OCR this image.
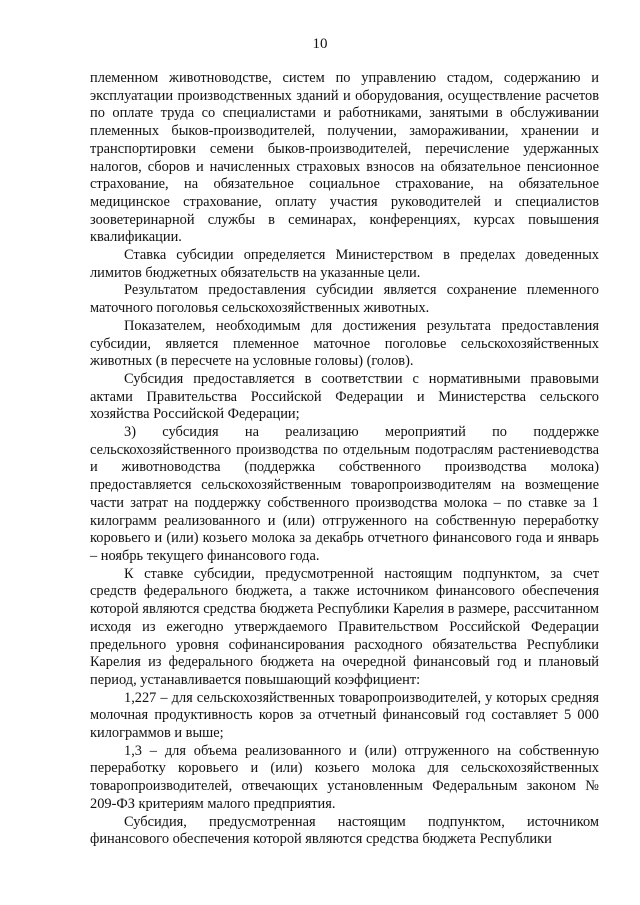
10

племенном животноводстве, систем по управлению стадом, содержанию и эксплуатации производственных зданий и оборудования, осуществление расчетов по оплате труда со специалистами и работниками, занятыми в обслуживании племенных быков-производителей, получении, замораживании, хранении и транспортировки семени быков-производителей, перечисление удержанных налогов, сборов и начисленных страховых взносов на обязательное пенсионное страхование, на обязательное социальное страхование, на обязательное медицинское страхование, оплату участия руководителей и специалистов зооветеринарной службы в семинарах, конференциях, курсах повышения квалификации.

Ставка субсидии определяется Министерством в пределах доведенных лимитов бюджетных обязательств на указанные цели.

Результатом предоставления субсидии является сохранение племенного маточного поголовья сельскохозяйственных животных.

Показателем, необходимым для достижения результата предоставления субсидии, является племенное маточное поголовье сельскохозяйственных животных (в пересчете на условные головы) (голов).

Субсидия предоставляется в соответствии с нормативными правовыми актами Правительства Российской Федерации и Министерства сельского хозяйства Российской Федерации;

3) субсидия на реализацию мероприятий по поддержке сельскохозяйственного производства по отдельным подотраслям растениеводства и животноводства (поддержка собственного производства молока) предоставляется сельскохозяйственным товаропроизводителям на возмещение части затрат на поддержку собственного производства молока – по ставке за 1 килограмм реализованного и (или) отгруженного на собственную переработку коровьего и (или) козьего молока за декабрь отчетного финансового года и январь – ноябрь текущего финансового года.

К ставке субсидии, предусмотренной настоящим подпунктом, за счет средств федерального бюджета, а также источником финансового обеспечения которой являются средства бюджета Республики Карелия в размере, рассчитанном исходя из ежегодно утверждаемого Правительством Российской Федерации предельного уровня софинансирования расходного обязательства Республики Карелия из федерального бюджета на очередной финансовый год и плановый период, устанавливается повышающий коэффициент:

1,227 – для сельскохозяйственных товаропроизводителей, у которых средняя молочная продуктивность коров за отчетный финансовый год составляет 5 000 килограммов и выше;

1,3 – для объема реализованного и (или) отгруженного на собственную переработку коровьего и (или) козьего молока для сельскохозяйственных товаропроизводителей, отвечающих установленным Федеральным законом № 209-ФЗ критериям малого предприятия.

Субсидия, предусмотренная настоящим подпунктом, источником финансового обеспечения которой являются средства бюджета Республики
